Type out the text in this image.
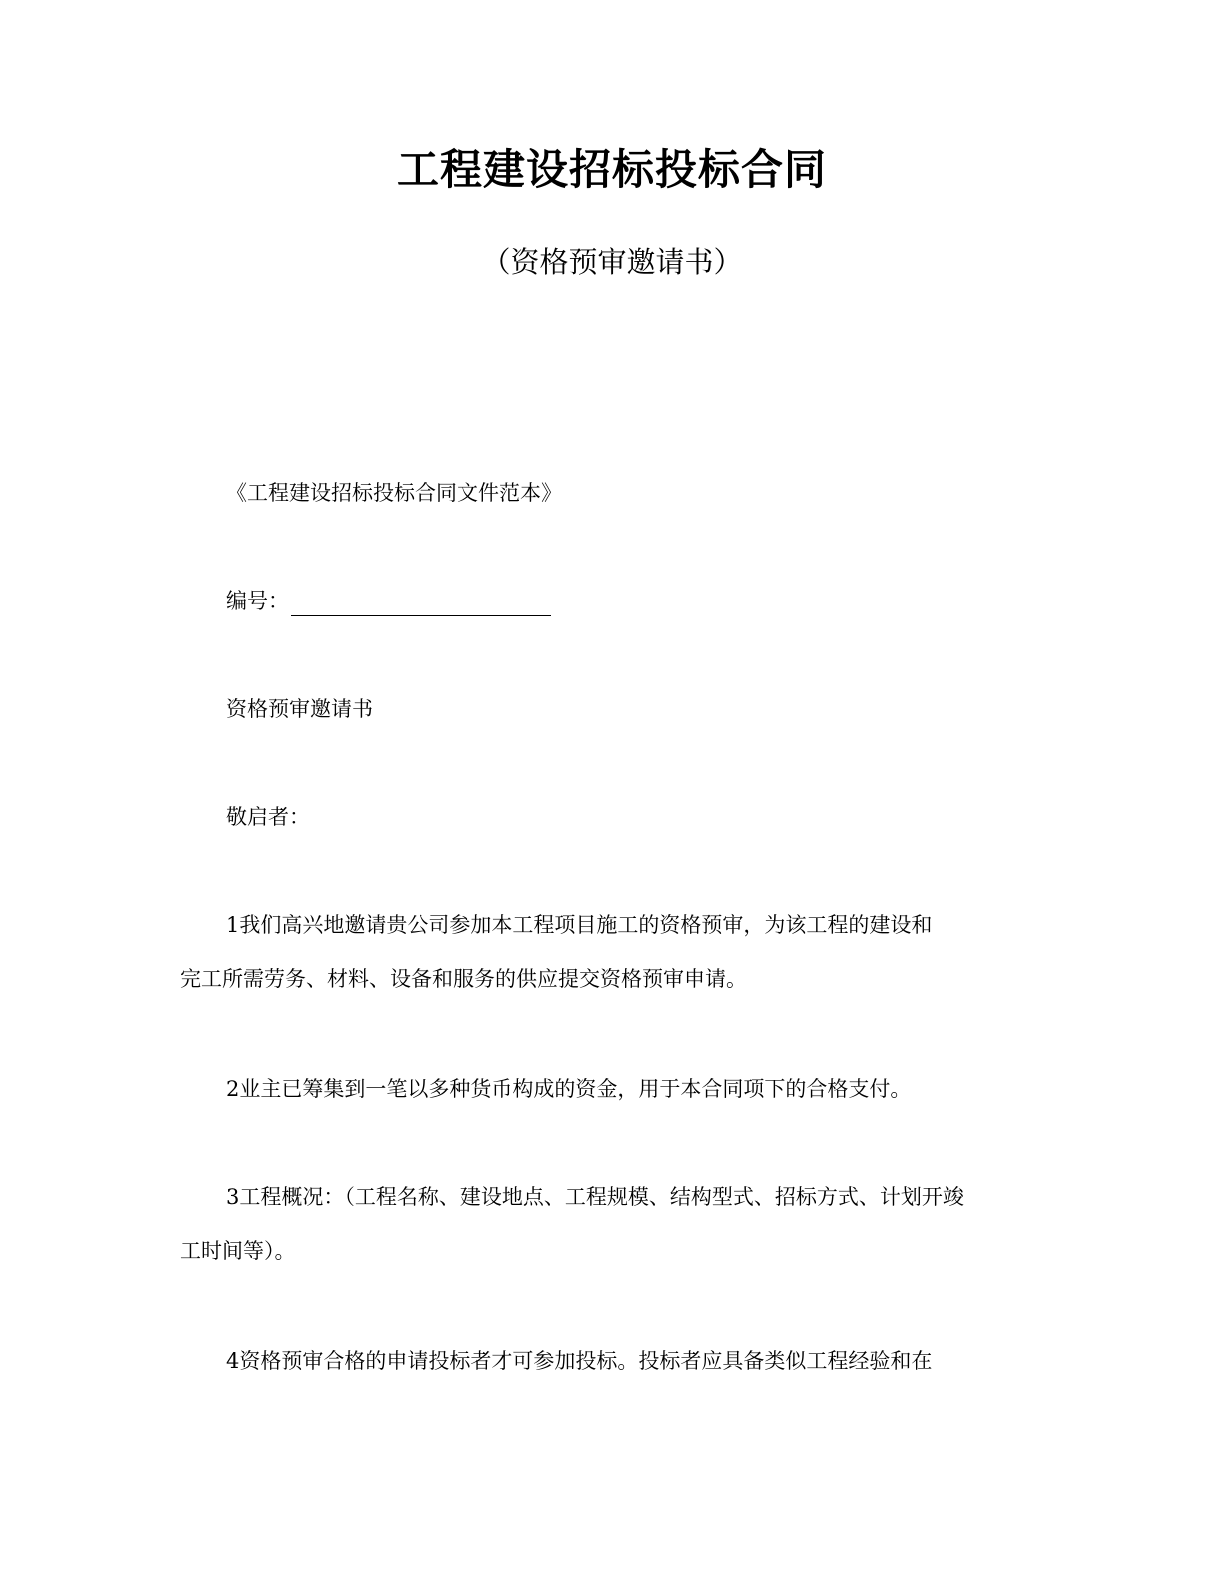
工程建设招标投标合同
（资格预审邀请书）
《工程建设招标投标合同文件范本》
编号：
资格预审邀请书
敬启者：
1我们高兴地邀请贵公司参加本工程项目施工的资格预审，为该工程的建设和
完工所需劳务、材料、设备和服务的供应提交资格预审申请。
2业主已筹集到一笔以多种货币构成的资金，用于本合同项下的合格支付。
3工程概况：（工程名称、建设地点、工程规模、结构型式、招标方式、计划开竣
工时间等）。
4资格预审合格的申请投标者才可参加投标。投标者应具备类似工程经验和在
